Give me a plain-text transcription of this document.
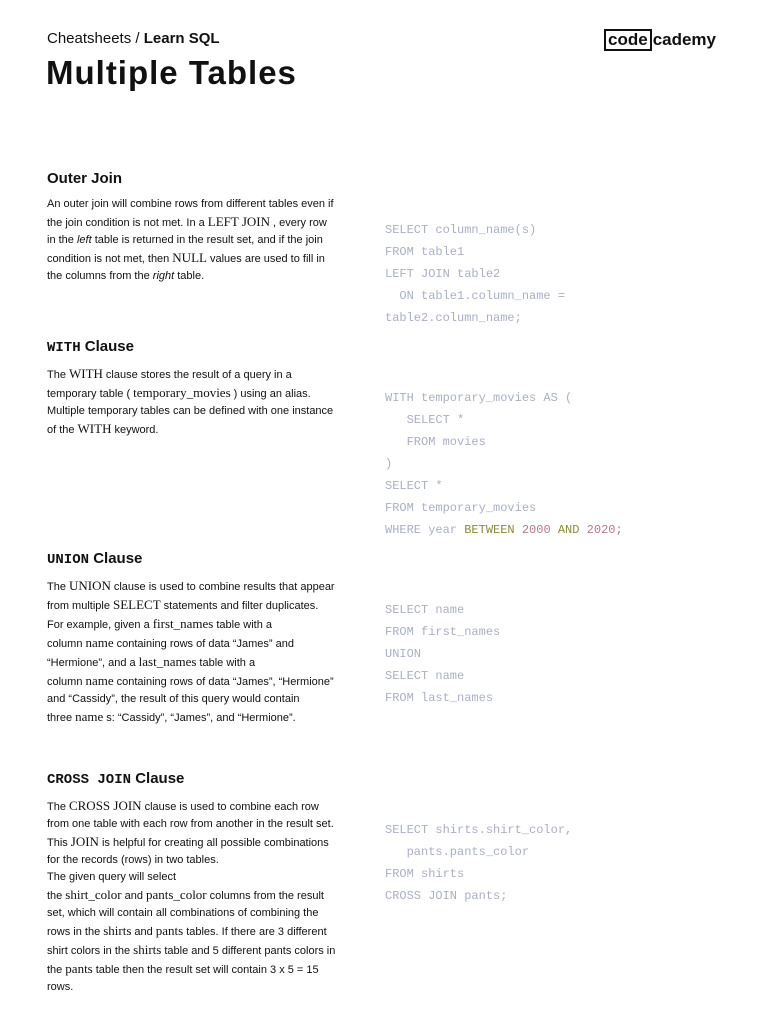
Cheatsheets / Learn SQL	code cademy
Multiple Tables
Outer Join

An outer join will combine rows from different tables even if the join condition is not met. In a LEFT JOIN , every row in the left table is returned in the result set, and if the join condition is not met, then NULL values are used to fill in the columns from the right table.

SELECT column_name(s)
FROM table1
LEFT JOIN table2
ON table1.column_name =
table2.column_name;
WITH Clause

The WITH clause stores the result of a query in a temporary table ( temporary_movies ) using an alias. Multiple temporary tables can be defined with one instance of the WITH keyword.

WITH temporary_movies AS (
SELECT *
FROM movies
)
SELECT *
FROM temporary_movies
WHERE year BETWEEN 2000 AND 2020;
UNION Clause

The UNION clause is used to combine results that appear from multiple SELECT statements and filter duplicates.

For example, given a first_names table with a column name containing rows of data “James” and “Hermione”, and a last_names table with a column name containing rows of data “James”, “Hermione” and “Cassidy”, the result of this query would contain three name s: “Cassidy”, “James”, and “Hermione”.

SELECT name
FROM first_names
UNION
SELECT name
FROM last_names
CROSS JOIN Clause

The CROSS JOIN clause is used to combine each row from one table with each row from another in the result set. This JOIN is helpful for creating all possible combinations for the records (rows) in two tables.

The given query will select the shirt_color and pants_color columns from the result set, which will contain all combinations of combining the rows in the shirts and pants tables. If there are 3 different shirt colors in the shirts table and 5 different pants colors in the pants table then the result set will contain 3 x 5 = 15 rows.

SELECT shirts.shirt_color,
pants.pants_color
FROM shirts
CROSS JOIN pants;
